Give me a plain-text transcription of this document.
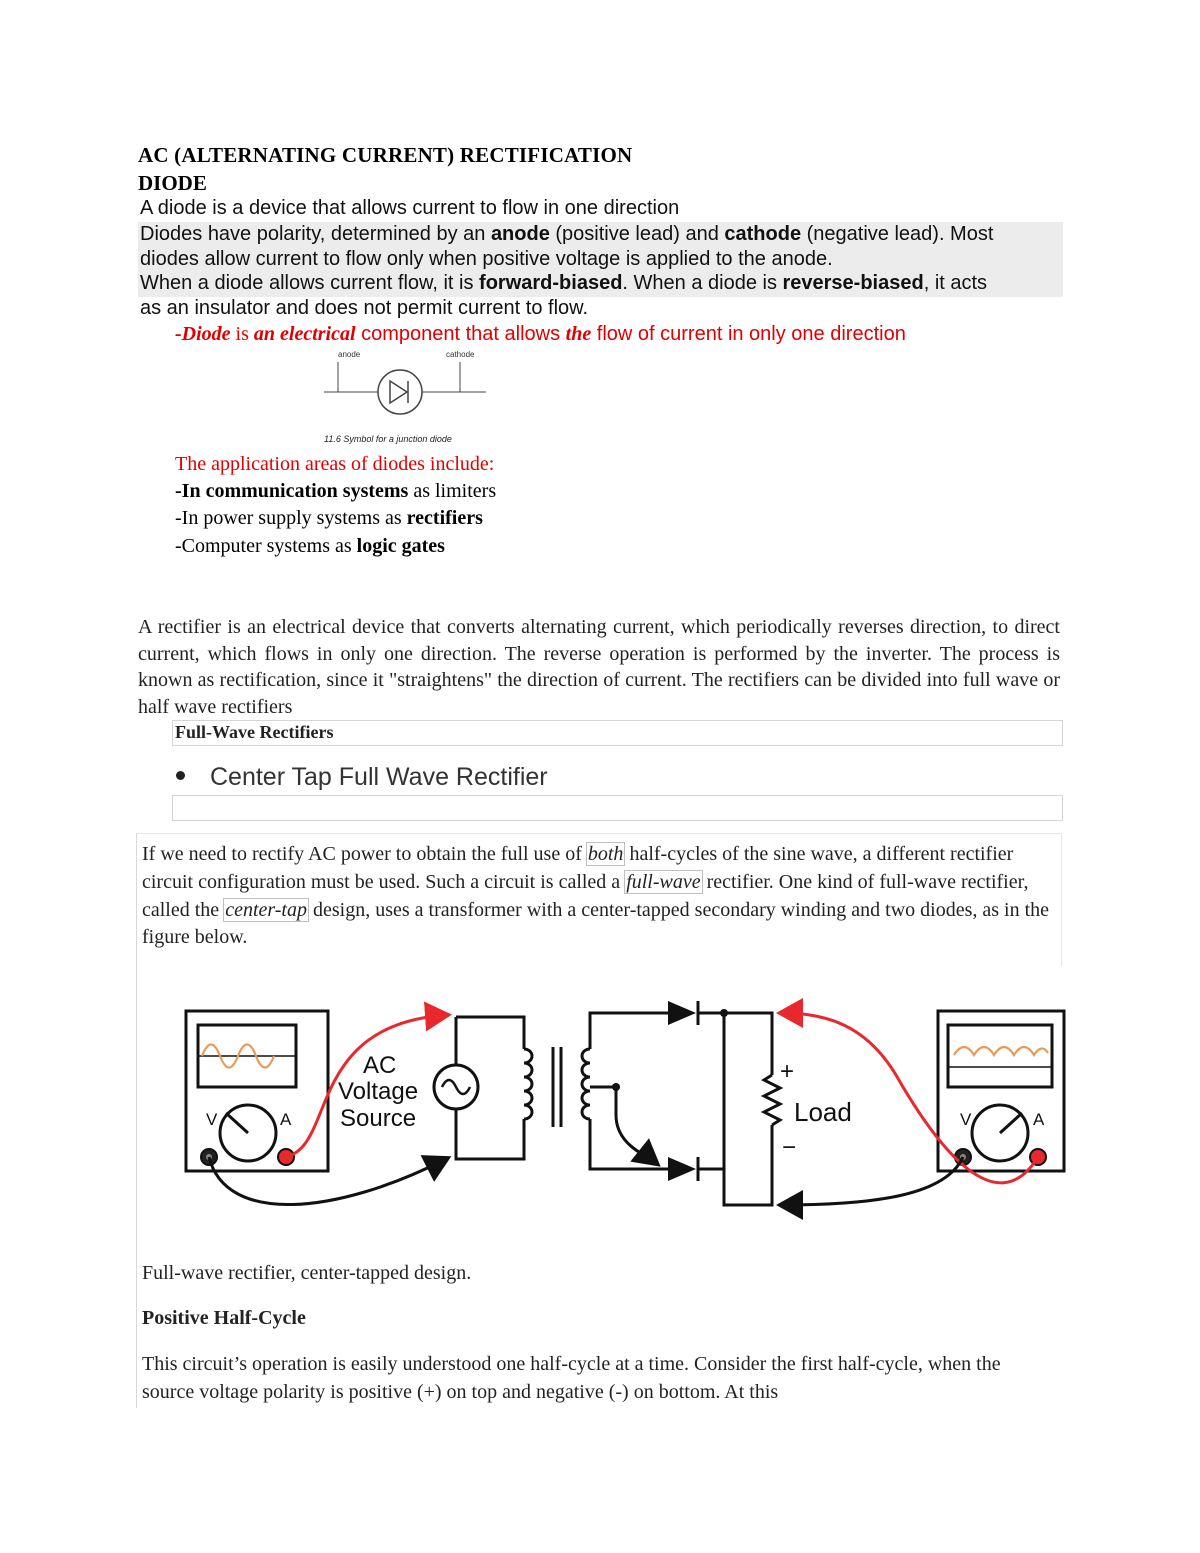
AC (ALTERNATING CURRENT) RECTIFICATION
DIODE
A diode is a device that allows current to flow in one direction
Diodes have polarity, determined by an anode (positive lead) and cathode (negative lead). Most
diodes allow current to flow only when positive voltage is applied to the anode.
When a diode allows current flow, it is forward-biased. When a diode is reverse-biased, it acts
as an insulator and does not permit current to flow.
-Diode is an electrical component that allows the flow of current in only one direction
anode	cathode
11.6 Symbol for a junction diode
The application areas of diodes include:
-In communication systems as limiters
-In power supply systems as rectifiers
-Computer systems as logic gates
A rectifier is an electrical device that converts alternating current, which periodically reverses direction, to direct current, which flows in only one direction. The reverse operation is performed by the inverter. The process is known as rectification, since it "straightens" the direction of current. The rectifiers can be divided into full wave or half wave rectifiers
Full-Wave Rectifiers
Center Tap Full Wave Rectifier
If we need to rectify AC power to obtain the full use of both half-cycles of the sine wave, a different rectifier circuit configuration must be used. Such a circuit is called a full-wave rectifier. One kind of full-wave rectifier, called the center-tap design, uses a transformer with a center-tapped secondary winding and two diodes, as in the figure below.
V	A
AC
Voltage
Source
+
Load
−
V	A
Full-wave rectifier, center-tapped design.
Positive Half-Cycle
This circuit’s operation is easily understood one half-cycle at a time. Consider the first half-cycle, when the source voltage polarity is positive (+) on top and negative (-) on bottom. At this
